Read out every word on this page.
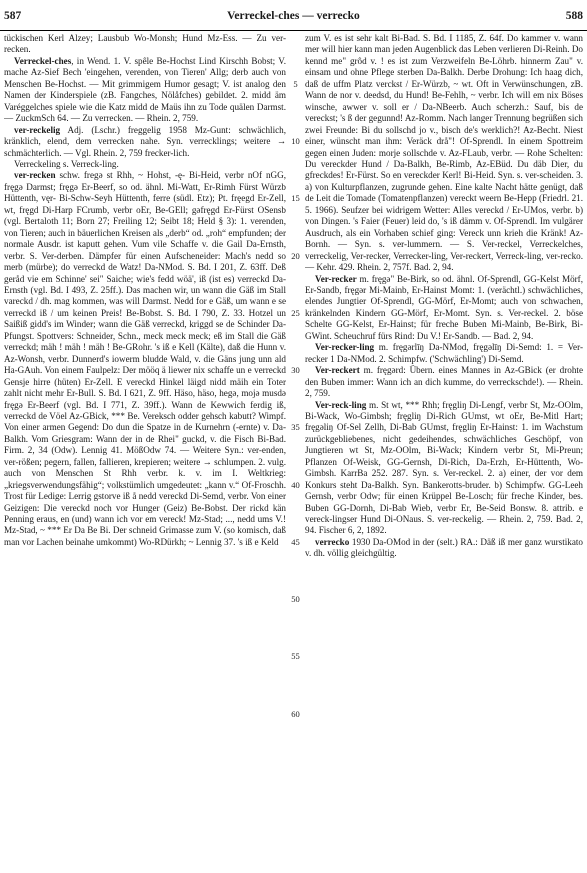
587	Verreckel-ches — verrecko	588

tückischen Kerl Alzey; Lausbub Wo-Monsh; Hund Mz-Ess. — Zu ver-recken.

Verreckel-ches, in Wend. 1. V. spêle Be-Hochst Lind Kirschh Bobst; V. mache Az-Sief Bech 'eingehen, verenden, von Tieren' Allg; derb auch von Menschen Be-Hochst. — Mit grimmigem Humor gesagt; V. ist analog den Namen der Kinderspiele (zB. Fangches, Nölåfches) gebildet. 2. midd äm Varéggelches spiele wie die Katz midd de Maüs ihn zu Tode quälen Darmst. — ZuckmSch 64. — Zu verrecken. — Rhein. 2, 759.

ver-reckelig Adj. (Lschr.) freggelig 1958 Mz-Gunt: schwächlich, kränklich, elend, dem verrecken nahe. Syn. verrecklings; weitere → schmächterlich. — Vgl. Rhein. 2, 759 frecker-lich.

Verreckeling s. Verreck-ling.

ver-recken schw. fregə st Rhh, ~ Hohst, -ę- Bi-Heid, verbr nOf nGG, fręgə Darmst; fręgə Er-Beerf, so od. ähnl. Mi-Watt, Er-Rimh Fürst Würzb Hüttenth, vęr- Bi-Schw-Seyh Hüttenth, ferre (südl. Etz); Pt. fręegd Er-Zell, wt, fręgd Di-Harp FCrumb, verbr oEr, Be-GEll; gəfręgd Er-Fürst OSensb (vgl. Bertaloth 11; Born 27; Freiling 12; Seibt 18; Held § 3): 1. verenden, von Tieren; auch in bäuerlichen Kreisen als „derb“ od. „roh“ empfunden; der normale Ausdr. ist kaputt gehen. Vum vile Schaffe v. die Gail Da-Ernsth, verbr. S. Ver-derben. Dämpfer für einen Aufscheneider: Mach's nedd so merb (mürbe); do verreckd de Watz! Da-NMod. S. Bd. I 201, Z. 63ff. Deß geråd vie em Schinne' sei" Saiche; wie's fedd wöä', iß (ist es) verreckd Da-Ernsth (vgl. Bd. I 493, Z. 25ff.). Das machen wir, un wann die Gäß im Stall vareckd / dh. mag kommen, was will Darmst. Nedd for e Gäß, um wann e se verreckd iß / um keinen Preis! Be-Bobst. S. Bd. I 790, Z. 33. Hotzel un Saißiß gidd's im Winder; wann die Gäß verreckd, kriggd se de Schinder Da-Pfungst. Spottvers: Schneider, Schn., meck meck meck; eß im Stall die Gäß verreckd; mäh ! mäh ! mäh ! Be-GRohr. 's iß e Kell (Kälte), daß die Hunn v. Az-Wonsh, verbr. Dunnerd's iowerm bludde Wald, v. die Gäns jung unn ald Ha-GAuh. Von einem Faulpelz: Der mööq ä liewer nix schaffe un e verreckd Gensje hirre (hüten) Er-Zell. E vereckd Hinkel läigd nidd mäih ein Toter zahlt nicht mehr Er-Bull. S. Bd. I 621, Z. 9ff. Häso, häso, hegə, mojə musdə fręgə Er-Beerf (vgl. Bd. I 771, Z. 39ff.). Wann de Kewwich ferdig iß, verreckd de Vöel Az-GBick, *** Be. Vereksch odder gehsch kabutt? Wimpf. Von einer armen Gegend: Do dun die Spatze in de Kurnehrn (-ernte) v. Da-Balkh. Vom Griesgram: Wann der in de Rhei" guckd, v. die Fisch Bi-Bad. Firm. 2, 34 (Odw). Lennig 41. MößOdw 74. — Weitere Syn.: ver-enden, ver-rößen; pegern, fallen, fallieren, krepieren; weitere → schlumpen. 2. vulg. auch von Menschen St Rhh verbr. k. v. im I. Weltkrieg: „kriegsverwendungsfähig“; volkstümlich umgedeutet: „kann v.“ Of-Froschh. Trost für Ledige: Lerrig gstorve iß å nedd vereckd Di-Semd, verbr. Von einer Geizigen: Die vereckd noch vor Hunger (Geiz) Be-Bobst. Der rickd kän Penning eraus, en (und) wann ich vor em vereck! Mz-Stad; ..., nedd ums V.! Mz-Stad, ~ *** Er Da Be Bi. Der schneid Grimasse zum V. (so komisch, daß man vor Lachen beinahe umkommt) Wo-RDürkh; ~ Lennig 37. 's iß e Keld

5
10
15
20
25
30
35
40
45
50
55
60

zum V. es ist sehr kalt Bi-Bad. S. Bd. I 1185, Z. 64f. Do kammer v. wann mer will hier kann man jeden Augenblick das Leben verlieren Di-Reinh. Do kennd me" grôd v. ! es ist zum Verzweifeln Be-Löhrb. hinnerm Zau" v. einsam und ohne Pflege sterben Da-Balkh. Derbe Drohung: Ich haag dich, daß de uffm Platz verckst / Er-Würzb, ~ wt. Oft in Verwünschungen, zB. Wann de nor v. deedsd, du Hund! Be-Fehlh, ~ verbr. Ich will em nix Böses winsche, awwer v. soll er / Da-NBeerb. Auch scherzh.: Sauf, bis de vereckst; 's ß der gegunnd! Az-Romm. Nach langer Trennung begrüßen sich zwei Freunde: Bi du sollschd jo v., bisch de's werklich?! Az-Becht. Niest einer, wünscht man ihm: Veräck drå"! Of-Sprendl. In einem Spottreim gegen einen Juden: morje sollschde v. Az-FLaub, verbr. — Rohe Schelten: Du vereckder Hund / Da-Balkh, Be-Rimb, Az-EBüd. Du däb Dier, du gfreckdes! Er-Fürst. So en vereckder Kerl! Bi-Heid. Syn. s. ver-scheiden. 3. a) von Kulturpflanzen, zugrunde gehen. Eine kalte Nacht hätte genügt, daß de Leit die Tomade (Tomatenpflanzen) vereckt weern Be-Hepp (Friedrl. 21. 5. 1966). Seufzer bei widrigem Wetter: Alles vereckd / Er-UMos, verbr. b) von Dingen. 's Faier (Feuer) leid do, 's iß dämm v. Of-Sprendl. Im vulgärer Ausdruch, als ein Vorhaben schief ging: Vereck unn krieh die Kränk! Az-Bornh. — Syn. s. ver-lummern. — S. Ver-reckel, Verreckelches, verreckelig, Ver-recker, Verrecker-ling, Ver-reckert, Verreck-ling, ver-recko. — Kehr. 429. Rhein. 2, 757f. Bad. 2, 94.

Ver-recker m. fręgə" Be-Birk, so od. ähnl. Of-Sprendl, GG-Kelst Mörf, Er-Sandb, fręgər Mi-Mainb, Er-Hainst Momt: 1. (verächtl.) schwächliches, elendes Jungtier Of-Sprendl, GG-Mörf, Er-Momt; auch von schwachen, kränkelnden Kindern GG-Mörf, Er-Momt. Syn. s. Ver-reckel. 2. böse Schelte GG-Kelst, Er-Hainst; für freche Buben Mi-Mainb, Be-Birk, Bi-GWint. Scheuchruf fürs Rind: Du V.! Er-Sandb. — Bad. 2, 94.

Ver-recker-ling m. fręgərlīŋ Da-NMod, fręgəlīŋ Di-Semd: 1. = Ver-recker 1 Da-NMod. 2. Schimpfw. ('Schwächling') Di-Semd.

Ver-reckert m. fręgərd: Übern. eines Mannes in Az-GBick (er drohte den Buben immer: Wann ich an dich kumme, do verreckschde!). — Rhein. 2, 759.

Ver-reck-ling m. St wt, *** Rhh; fręgliŋ Di-Lengf, verbr St, Mz-OOlm, Bi-Wack, Wo-Gimbsh; fręgliŋ Di-Rich GUmst, wt oEr, Be-Mitl Hart; fręgəliŋ Of-Sel Zellh, Di-Bab GUmst, fręgliŋ Er-Hainst: 1. im Wachstum zurückgebliebenes, nicht gedeihendes, schwächliches Geschöpf, von Jungtieren wt St, Mz-OOlm, Bi-Wack; Kindern verbr St, Mi-Preun; Pflanzen Of-Weisk, GG-Gernsh, Di-Rich, Da-Erzh, Er-Hüttenth, Wo-Gimbsh. KarrBa 252. 287. Syn. s. Ver-reckel. 2. a) einer, der vor dem Konkurs steht Da-Balkh. Syn. Bankerotts-bruder. b) Schimpfw. GG-Leeh Gernsh, verbr Odw; für einen Krüppel Be-Losch; für freche Kinder, bes. Buben GG-Dornh, Di-Bab Wieb, verbr Er, Be-Seid Bonsw. 8. attrib. e vereck-lingser Hund Di-ONaus. S. ver-reckelig. — Rhein. 2, 759. Bad. 2, 94. Fischer 6, 2, 1892.

verrecko 1930 Da-OMod in der (selt.) RA.: Däß iß mer ganz wurstikato v. dh. völlig gleichgültig.
